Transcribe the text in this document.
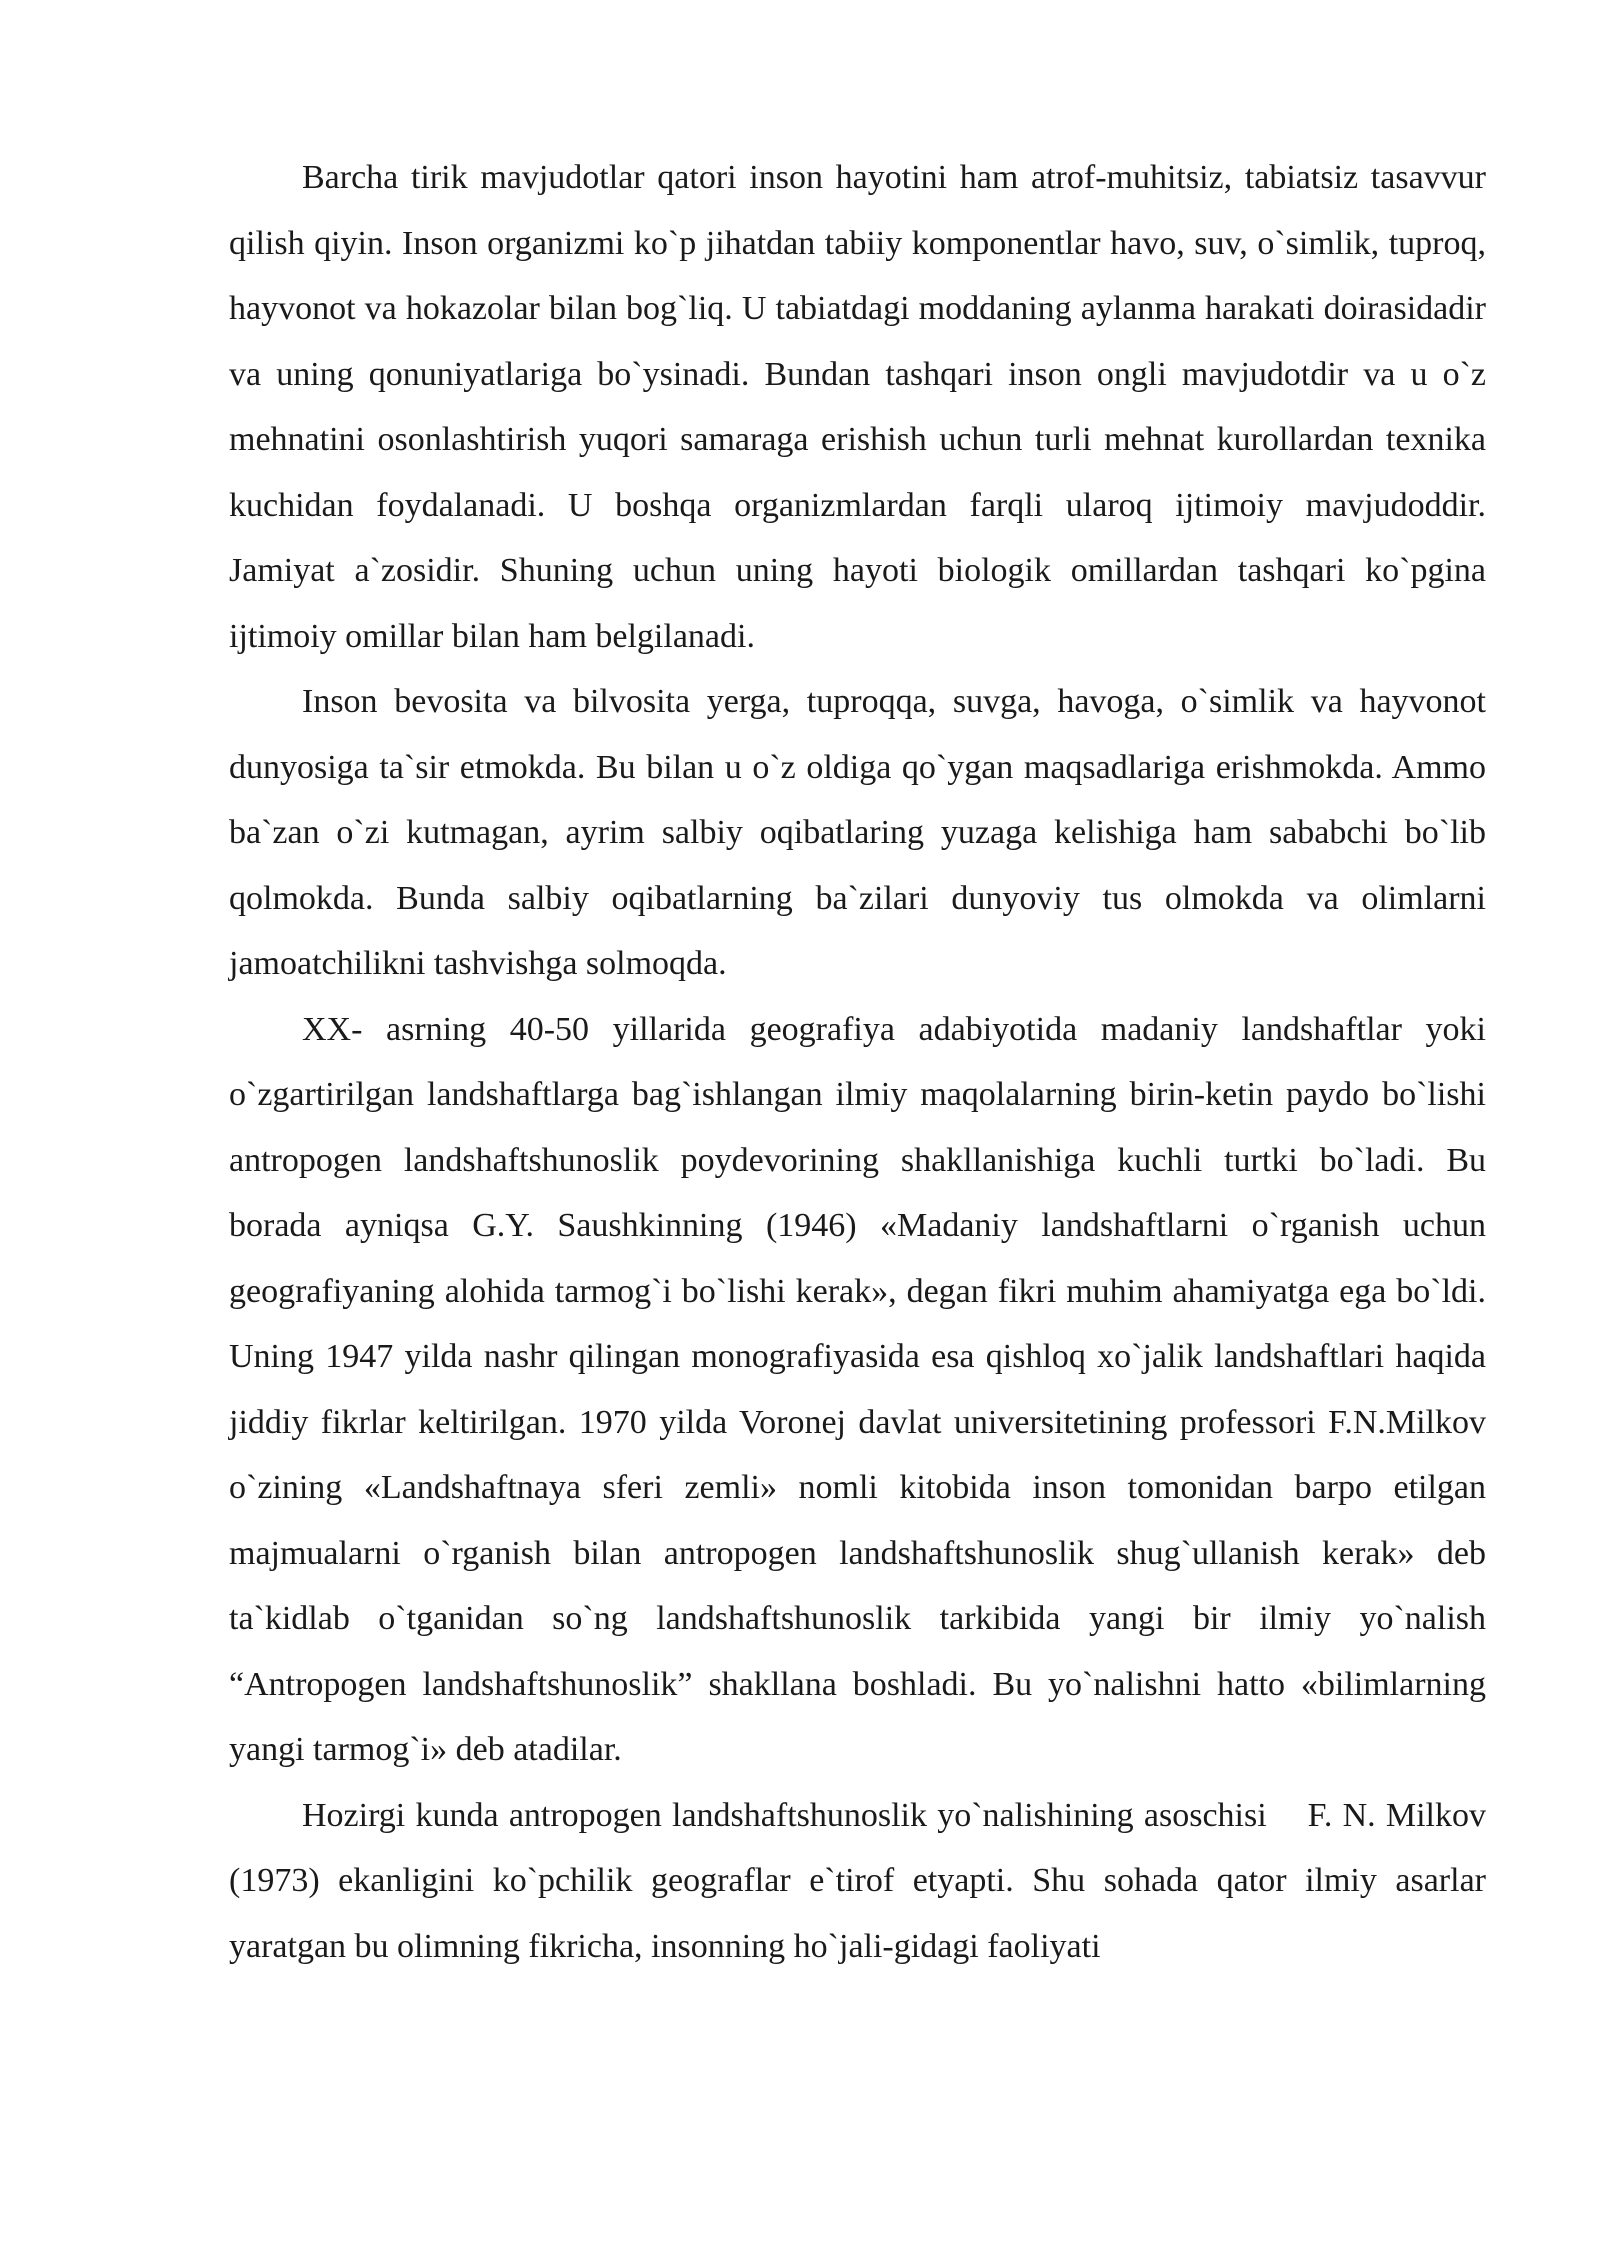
Barcha tirik mavjudotlar qatori inson hayotini ham atrof-muhitsiz, tabiatsiz tasavvur qilish qiyin. Inson organizmi ko`p jihatdan tabiiy komponentlar havo, suv, o`simlik, tuproq, hayvonot va hokazolar bilan bog`liq. U tabiatdagi moddaning aylanma harakati doirasidadir va uning qonuniyatlariga bo`ysinadi. Bundan tashqari inson ongli mavjudotdir va u o`z mehnatini osonlashtirish yuqori samaraga erishish uchun turli mehnat kurollardan texnika kuchidan foydalanadi. U boshqa organizmlardan farqli ularoq ijtimoiy mavjudoddir. Jamiyat a`zosidir. Shuning uchun uning hayoti biologik omillardan tashqari ko`pgina ijtimoiy omillar bilan ham belgilanadi.

Inson bevosita va bilvosita yerga, tuproqqa, suvga, havoga, o`simlik va hayvonot dunyosiga ta`sir etmokda. Bu bilan u o`z oldiga qo`ygan maqsadlariga erishmokda. Ammo ba`zan o`zi kutmagan, ayrim salbiy oqibatlaring yuzaga kelishiga ham sababchi bo`lib qolmokda. Bunda salbiy oqibatlarning ba`zilari dunyoviy tus olmokda va olimlarni jamoatchilikni tashvishga solmoqda.

XX- asrning 40-50 yillarida geografiya adabiyotida madaniy landshaftlar yoki o`zgartirilgan landshaftlarga bag`ishlangan ilmiy maqolalarning birin-ketin paydo bo`lishi antropogen landshaftshunoslik poydevorining shakllanishiga kuchli turtki bo`ladi. Bu borada ayniqsa G.Y. Saushkinning (1946) «Madaniy landshaftlarni o`rganish uchun geografiyaning alohida tarmog`i bo`lishi kerak», degan fikri muhim ahamiyatga ega bo`ldi. Uning 1947 yilda nashr qilingan monografiyasida esa qishloq xo`jalik landshaftlari haqida jiddiy fikrlar keltirilgan. 1970 yilda Voronej davlat universitetining professori F.N.Milkov o`zining «Landshaftnaya sferi zemli» nomli kitobida inson tomonidan barpo etilgan majmualarni o`rganish bilan antropogen landshaftshunoslik shug`ullanish kerak» deb ta`kidlab o`tganidan so`ng landshaftshunoslik tarkibida yangi bir ilmiy yo`nalish “Antropogen landshaftshunoslik” shakllana boshladi. Bu yo`nalishni hatto «bilimlarning yangi tarmog`i» deb atadilar.

Hozirgi kunda antropogen landshaftshunoslik yo`nalishining asoschisi    F. N. Milkov (1973) ekanligini ko`pchilik geograflar e`tirof etyapti. Shu sohada qator ilmiy asarlar yaratgan bu olimning fikricha, insonning ho`jali-gidagi faoliyati
